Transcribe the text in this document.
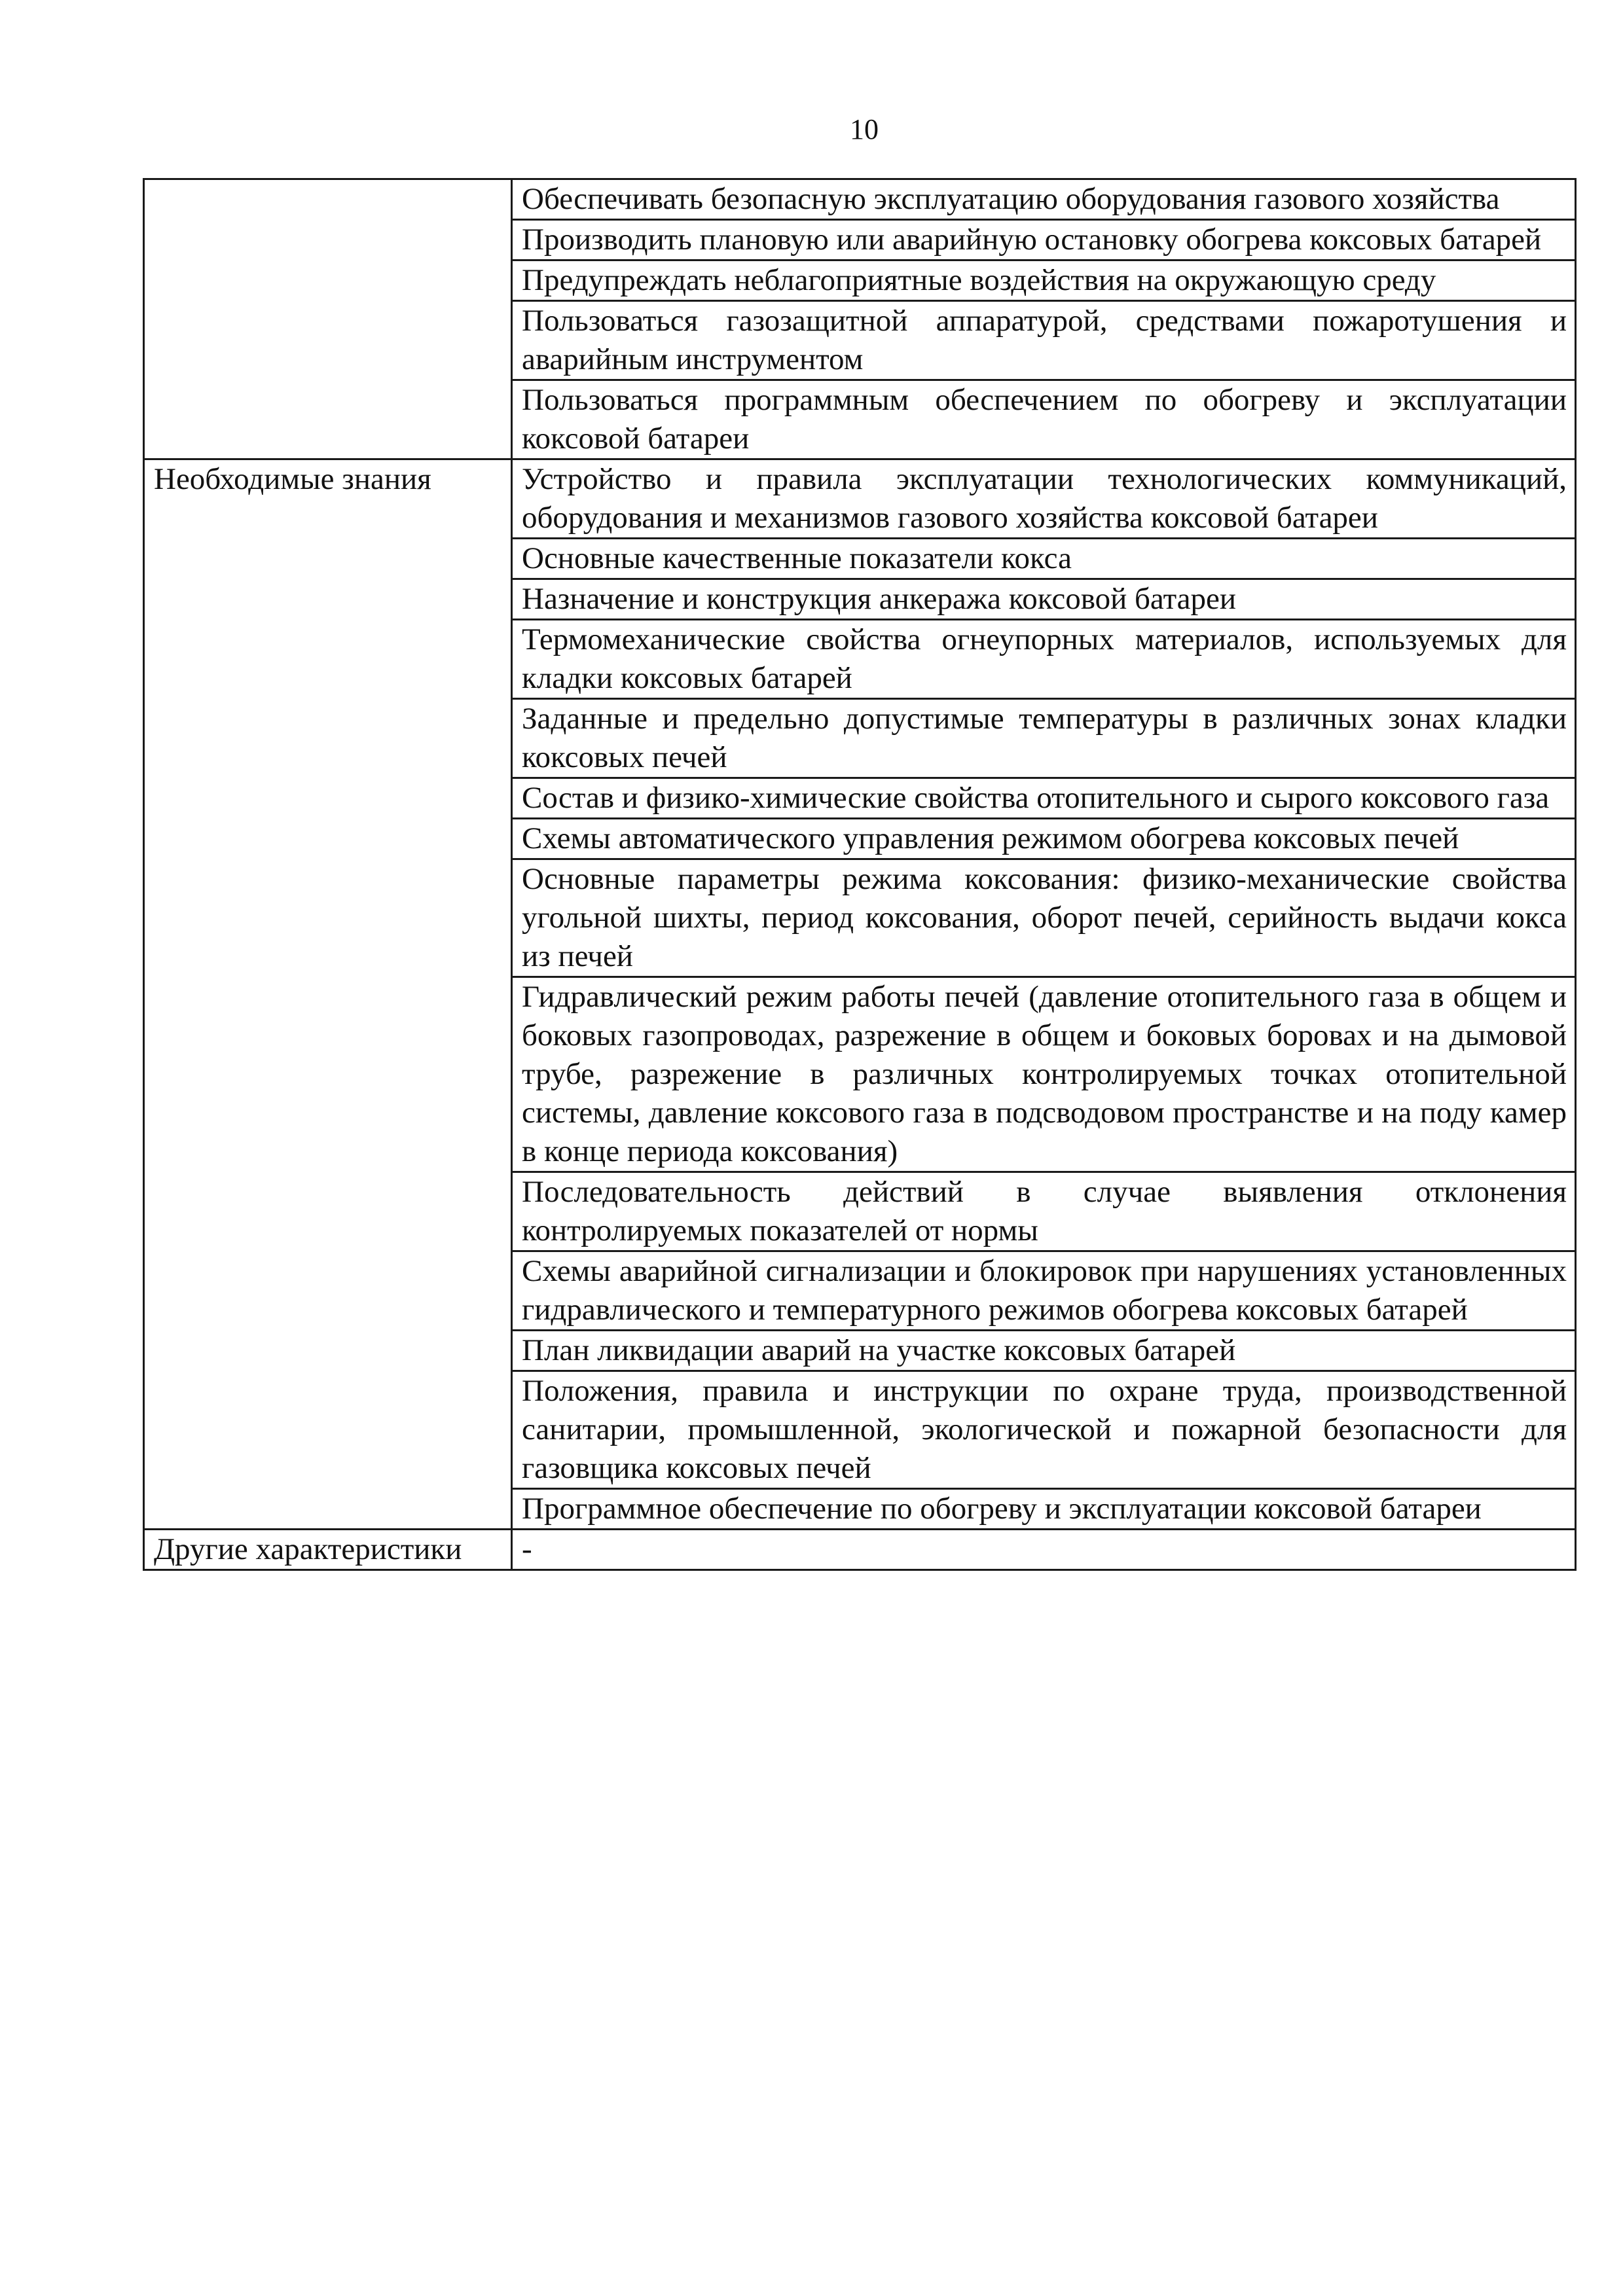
10
	Обеспечивать безопасную эксплуатацию оборудования газового хозяйства
	Производить плановую или аварийную остановку обогрева коксовых батарей
	Предупреждать неблагоприятные воздействия на окружающую среду
	Пользоваться газозащитной аппаратурой, средствами пожаротушения и аварийным инструментом
	Пользоваться программным обеспечением по обогреву и эксплуатации коксовой батареи
Необходимые знания	Устройство и правила эксплуатации технологических коммуникаций, оборудования и механизмов газового хозяйства коксовой батареи
	Основные качественные показатели кокса
	Назначение и конструкция анкеража коксовой батареи
	Термомеханические свойства огнеупорных материалов, используемых для кладки коксовых батарей
	Заданные и предельно допустимые температуры в различных зонах кладки коксовых печей
	Состав и физико-химические свойства отопительного и сырого коксового газа
	Схемы автоматического управления режимом обогрева коксовых печей
	Основные параметры режима коксования: физико-механические свойства угольной шихты, период коксования, оборот печей, серийность выдачи кокса из печей
	Гидравлический режим работы печей (давление отопительного газа в общем и боковых газопроводах, разрежение в общем и боковых боровах и на дымовой трубе, разрежение в различных контролируемых точках отопительной системы, давление коксового газа в подсводовом пространстве и на поду камер в конце периода коксования)
	Последовательность действий в случае выявления отклонения контролируемых показателей от нормы
	Схемы аварийной сигнализации и блокировок при нарушениях установленных гидравлического и температурного режимов обогрева коксовых батарей
	План ликвидации аварий на участке коксовых батарей
	Положения, правила и инструкции по охране труда, производственной санитарии, промышленной, экологической и пожарной безопасности для газовщика коксовых печей
	Программное обеспечение по обогреву и эксплуатации коксовой батареи
Другие характеристики	-
